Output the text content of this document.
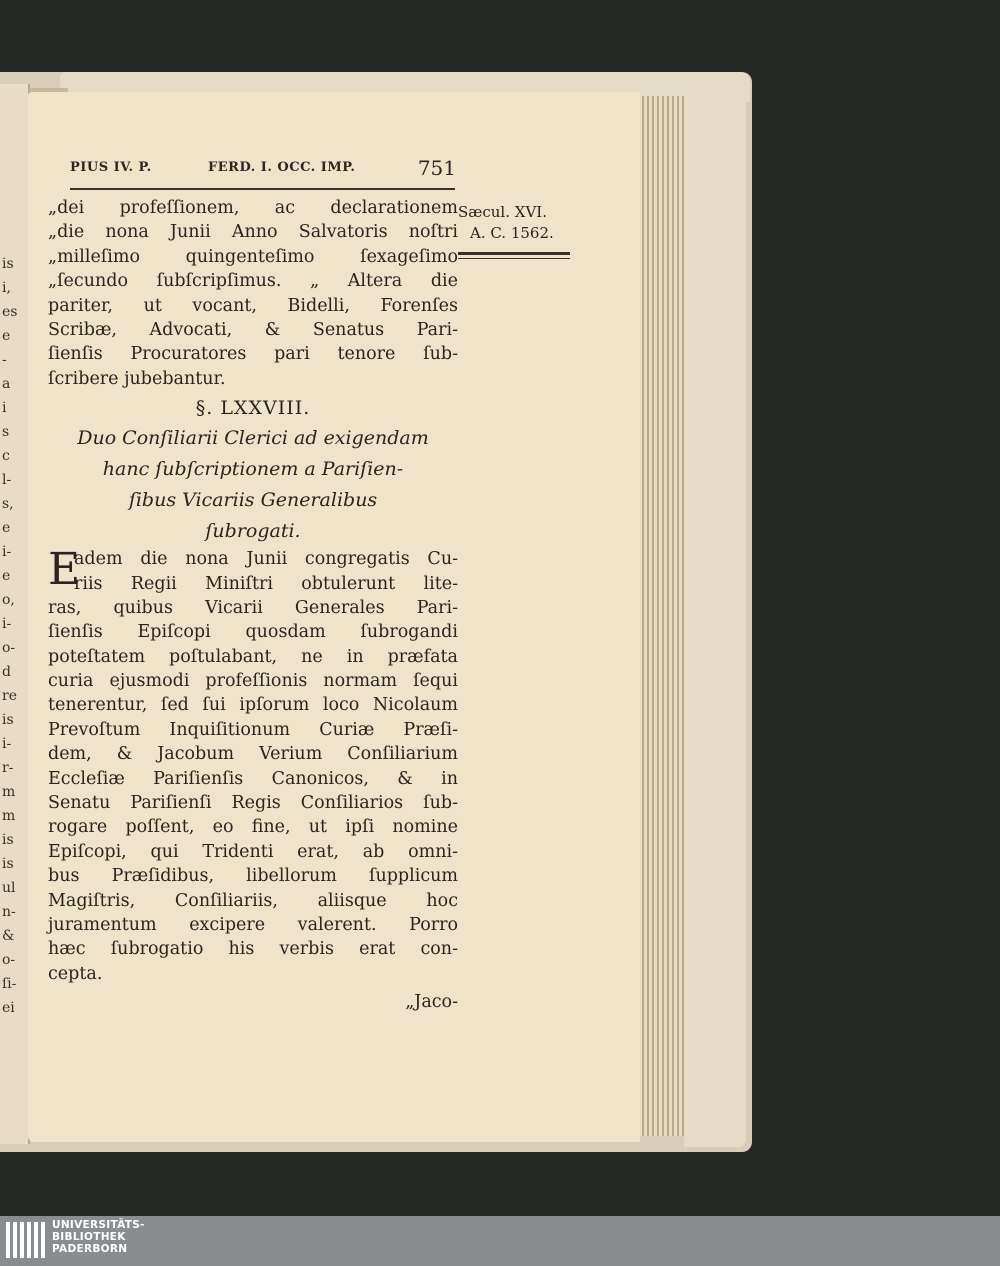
is
i,
es
e
-
a
i
s
c
l-
s,
e
i-
e
o,
i-
o-
d
re
is
i-
r-
m
m
is
is
ul
n-
&
o-
ſi-
ei
PIUS IV. P.	FERD. I. OCC. IMP.	751
Sæcul. XVI.
A. C. 1562.
„dei profeſſionem, ac declarationem
„die nona Junii Anno Salvatoris noſtri
„milleſimo quingenteſimo ſexageſimo
„ſecundo ſubſcripſimus. „ Altera die
pariter, ut vocant, Bidelli, Forenſes
Scribæ, Advocati, & Senatus Pari-
ſienſis Procuratores pari tenore ſub-
ſcribere jubebantur.
§. LXXVIII.
Duo Conſiliarii Clerici ad exigendam
hanc ſubſcriptionem a Pariſien-
ſibus Vicariis Generalibus
ſubrogati.
E
adem die nona Junii congregatis Cu-
riis Regii Miniſtri obtulerunt lite-
ras, quibus Vicarii Generales Pari-
ſienſis Epiſcopi quosdam ſubrogandi
poteſtatem poſtulabant, ne in præfata
curia ejusmodi profeſſionis normam ſequi
tenerentur, ſed ſui ipſorum loco Nicolaum
Prevoſtum Inquiſitionum Curiæ Præſi-
dem, & Jacobum Verium Conſiliarium
Eccleſiæ Pariſienſis Canonicos, & in
Senatu Pariſienſi Regis Conſiliarios ſub-
rogare poſſent, eo fine, ut ipſi nomine
Epiſcopi, qui Tridenti erat, ab omni-
bus Præſidibus, libellorum ſupplicum
Magiſtris, Conſiliariis, aliisque hoc
juramentum excipere valerent. Porro
hæc ſubrogatio his verbis erat con-
cepta.
„Jaco-
UNIVERSITÄTS-
BIBLIOTHEK
PADERBORN
